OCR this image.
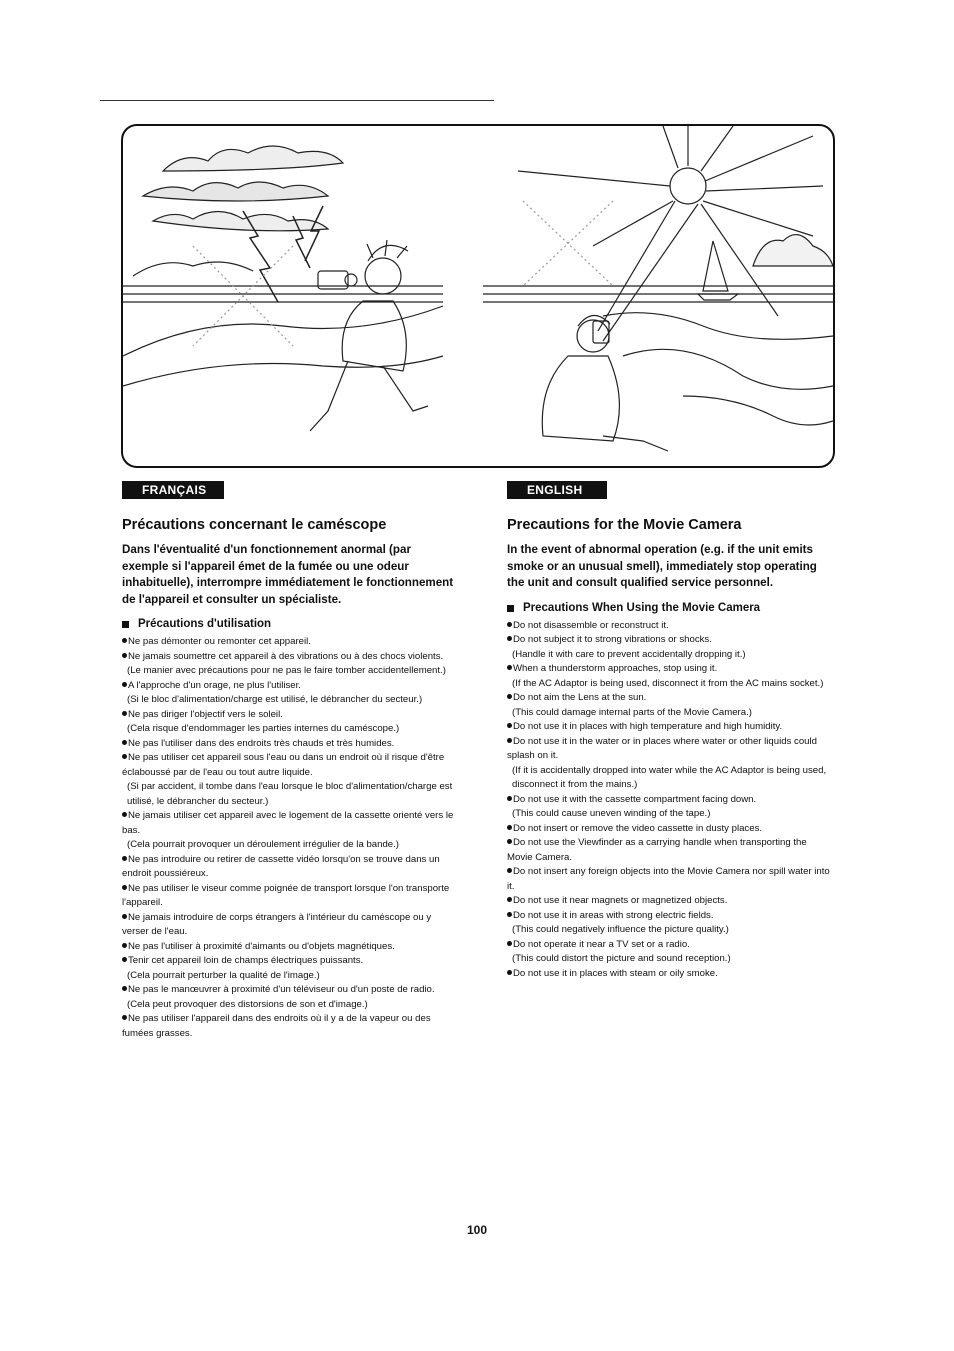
FRANÇAIS
Précautions concernant le caméscope

Dans l'éventualité d'un fonctionnement anormal (par exemple si l'appareil émet de la fumée ou une odeur inhabituelle), interrompre immédiatement le fonctionnement de l'appareil et consulter un spécialiste.

Précautions d'utilisation
Ne pas démonter ou remonter cet appareil.
Ne jamais soumettre cet appareil à des vibrations ou à des chocs violents.
(Le manier avec précautions pour ne pas le faire tomber accidentellement.)
A l'approche d'un orage, ne plus l'utiliser.
(Si le bloc d'alimentation/charge est utilisé, le débrancher du secteur.)
Ne pas diriger l'objectif vers le soleil.
(Cela risque d'endommager les parties internes du caméscope.)
Ne pas l'utiliser dans des endroits très chauds et très humides.
Ne pas utiliser cet appareil sous l'eau ou dans un endroit où il risque d'être éclaboussé par de l'eau ou tout autre liquide.
(Si par accident, il tombe dans l'eau lorsque le bloc d'alimentation/charge est utilisé, le débrancher du secteur.)
Ne jamais utiliser cet appareil avec le logement de la cassette orienté vers le bas.
(Cela pourrait provoquer un déroulement irrégulier de la bande.)
Ne pas introduire ou retirer de cassette vidéo lorsqu'on se trouve dans un endroit poussiéreux.
Ne pas utiliser le viseur comme poignée de transport lorsque l'on transporte l'appareil.
Ne jamais introduire de corps étrangers à l'intérieur du caméscope ou y verser de l'eau.
Ne pas l'utiliser à proximité d'aimants ou d'objets magnétiques.
Tenir cet appareil loin de champs électriques puissants.
(Cela pourrait perturber la qualité de l'image.)
Ne pas le manœuvrer à proximité d'un téléviseur ou d'un poste de radio.
(Cela peut provoquer des distorsions de son et d'image.)
Ne pas utiliser l'appareil dans des endroits où il y a de la vapeur ou des fumées grasses.
ENGLISH
Precautions for the Movie Camera

In the event of abnormal operation (e.g. if the unit emits smoke or an unusual smell), immediately stop operating the unit and consult qualified service personnel.

Precautions When Using the Movie Camera
Do not disassemble or reconstruct it.
Do not subject it to strong vibrations or shocks.
(Handle it with care to prevent accidentally dropping it.)
When a thunderstorm approaches, stop using it.
(If the AC Adaptor is being used, disconnect it from the AC mains socket.)
Do not aim the Lens at the sun.
(This could damage internal parts of the Movie Camera.)
Do not use it in places with high temperature and high humidity.
Do not use it in the water or in places where water or other liquids could splash on it.
(If it is accidentally dropped into water while the AC Adaptor is being used, disconnect it from the mains.)
Do not use it with the cassette compartment facing down.
(This could cause uneven winding of the tape.)
Do not insert or remove the video cassette in dusty places.
Do not use the Viewfinder as a carrying handle when transporting the Movie Camera.
Do not insert any foreign objects into the Movie Camera nor spill water into it.
Do not use it near magnets or magnetized objects.
Do not use it in areas with strong electric fields.
(This could negatively influence the picture quality.)
Do not operate it near a TV set or a radio.
(This could distort the picture and sound reception.)
Do not use it in places with steam or oily smoke.
100
